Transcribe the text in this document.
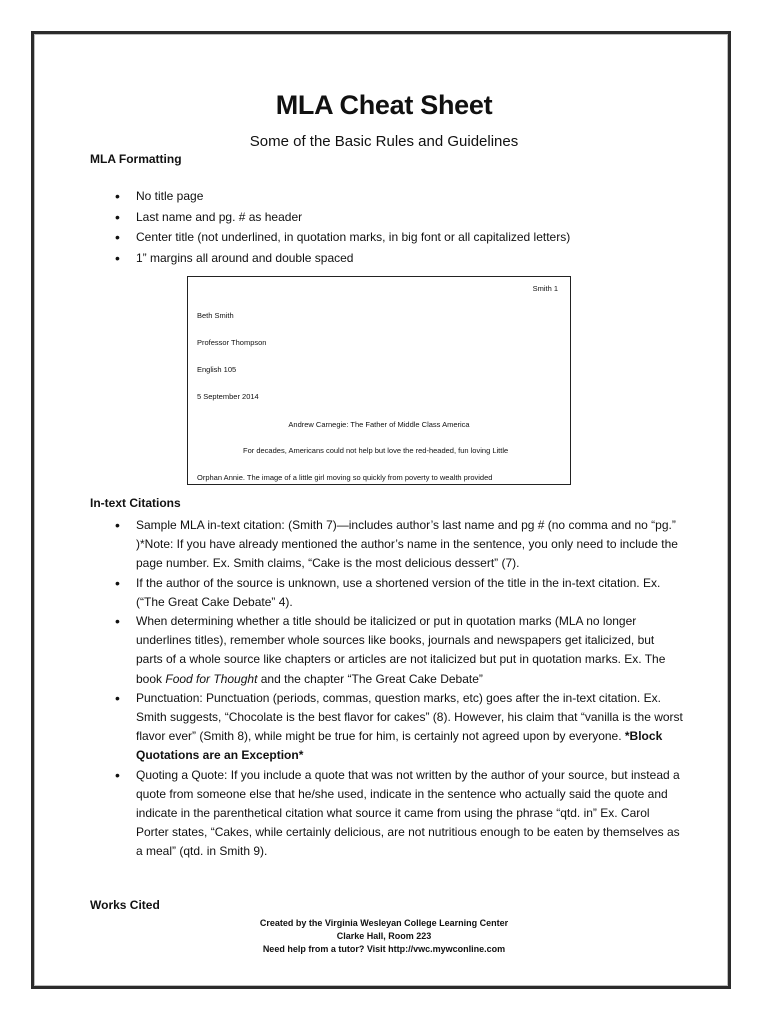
MLA Cheat Sheet
Some of the Basic Rules and Guidelines
MLA Formatting
• No title page
• Last name and pg. # as header
• Center title (not underlined, in quotation marks, in big font or all capitalized letters)
• 1” margins all around and double spaced
Smith 1
Beth Smith
Professor Thompson
English 105
5 September 2014
Andrew Carnegie: The Father of Middle Class America
For decades, Americans could not help but love the red-headed, fun loving Little
Orphan Annie. The image of a little girl moving so quickly from poverty to wealth provided
In-text Citations
• Sample MLA in-text citation: (Smith 7)—includes author’s last name and pg # (no comma and no “pg.” )*Note: If you have already mentioned the author’s name in the sentence, you only need to include the page number. Ex. Smith claims, “Cake is the most delicious dessert” (7).
• If the author of the source is unknown, use a shortened version of the title in the in-text citation. Ex. (“The Great Cake Debate” 4).
• When determining whether a title should be italicized or put in quotation marks (MLA no longer underlines titles), remember whole sources like books, journals and newspapers get italicized, but parts of a whole source like chapters or articles are not italicized but put in quotation marks. Ex. The book Food for Thought and the chapter “The Great Cake Debate”
• Punctuation: Punctuation (periods, commas, question marks, etc) goes after the in-text citation. Ex. Smith suggests, “Chocolate is the best flavor for cakes” (8). However, his claim that “vanilla is the worst flavor ever” (Smith 8), while might be true for him, is certainly not agreed upon by everyone. *Block Quotations are an Exception*
• Quoting a Quote: If you include a quote that was not written by the author of your source, but instead a quote from someone else that he/she used, indicate in the sentence who actually said the quote and indicate in the parenthetical citation what source it came from using the phrase “qtd. in” Ex. Carol Porter states, “Cakes, while certainly delicious, are not nutritious enough to be eaten by themselves as a meal” (qtd. in Smith 9).
Works Cited
Created by the Virginia Wesleyan College Learning Center
Clarke Hall, Room 223
Need help from a tutor? Visit http://vwc.mywconline.com
